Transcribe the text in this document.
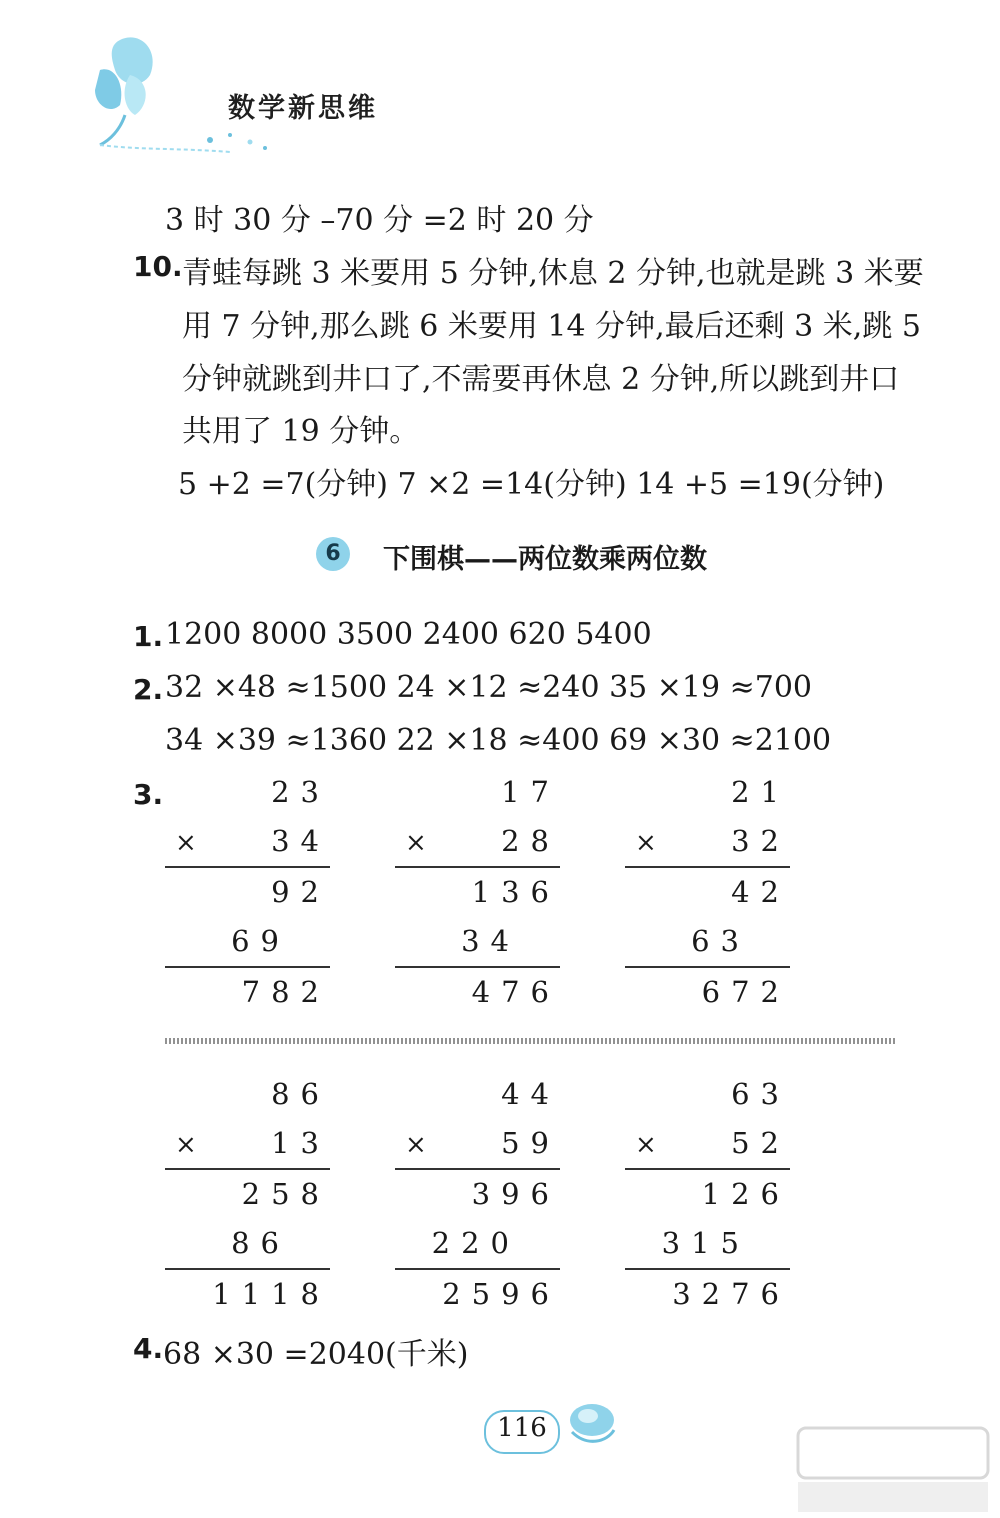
数学新思维
3 时 30 分 –70 分 =2 时 20 分
10. 青蛙每跳 3 米要用 5 分钟,休息 2 分钟,也就是跳 3 米要
用 7 分钟,那么跳 6 米要用 14 分钟,最后还剩 3 米,跳 5
分钟就跳到井口了,不需要再休息 2 分钟,所以跳到井口
共用了 19 分钟。
5 +2 =7(分钟) 7 ×2 =14(分钟) 14 +5 =19(分钟)
6	下围棋——两位数乘两位数
1. 1200 8000 3500 2400 620 5400
2. 32 ×48 ≈1500 24 ×12 ≈240 35 ×19 ≈700
34 ×39 ≈1360 22 ×18 ≈400 69 ×30 ≈2100
3.	23
×	34
92
69
782
17
×	28
136
34
476
21
×	32
42
63
672
86
×	13
258
86
1118
44
×	59
396
220
2596
63
×	52
126
315
3276
4. 68 ×30 =2040(千米)
116
